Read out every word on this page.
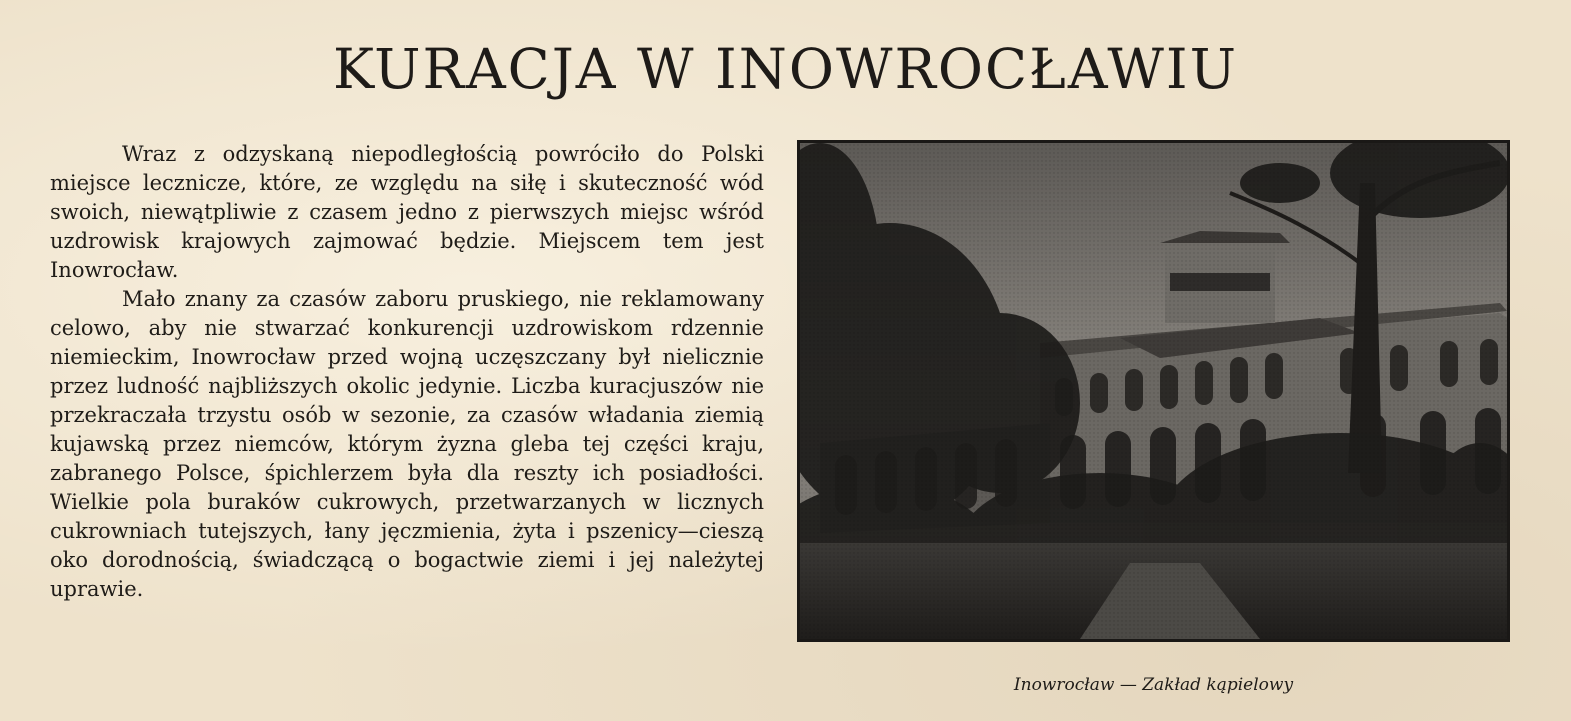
KURACJA W INOWROCŁAWIU

Wraz z odzyskaną niepodległością powróciło do Polski miejsce lecznicze, które, ze względu na siłę i skuteczność wód swoich, niewątpliwie z czasem jedno z pierwszych miejsc wśród uzdrowisk krajowych zajmować będzie. Miejscem tem jest Inowrocław.

Mało znany za czasów zaboru pruskiego, nie reklamowany celowo, aby nie stwarzać konkurencji uzdrowiskom rdzennie niemieckim, Inowrocław przed wojną uczęszczany był nielicznie przez ludność najbliższych okolic jedynie. Liczba kuracjuszów nie przekraczała trzystu osób w sezonie, za czasów władania ziemią kujawską przez niemców, którym żyzna gleba tej części kraju, zabranego Polsce, śpichlerzem była dla reszty ich posiadłości. Wielkie pola buraków cukrowych, przetwarzanych w licznych cukrowniach tutejszych, łany jęczmienia, żyta i pszenicy—cieszą oko dorodnością, świadczącą o bogactwie ziemi i jej należytej uprawie.

Inowrocław — Zakład kąpielowy
